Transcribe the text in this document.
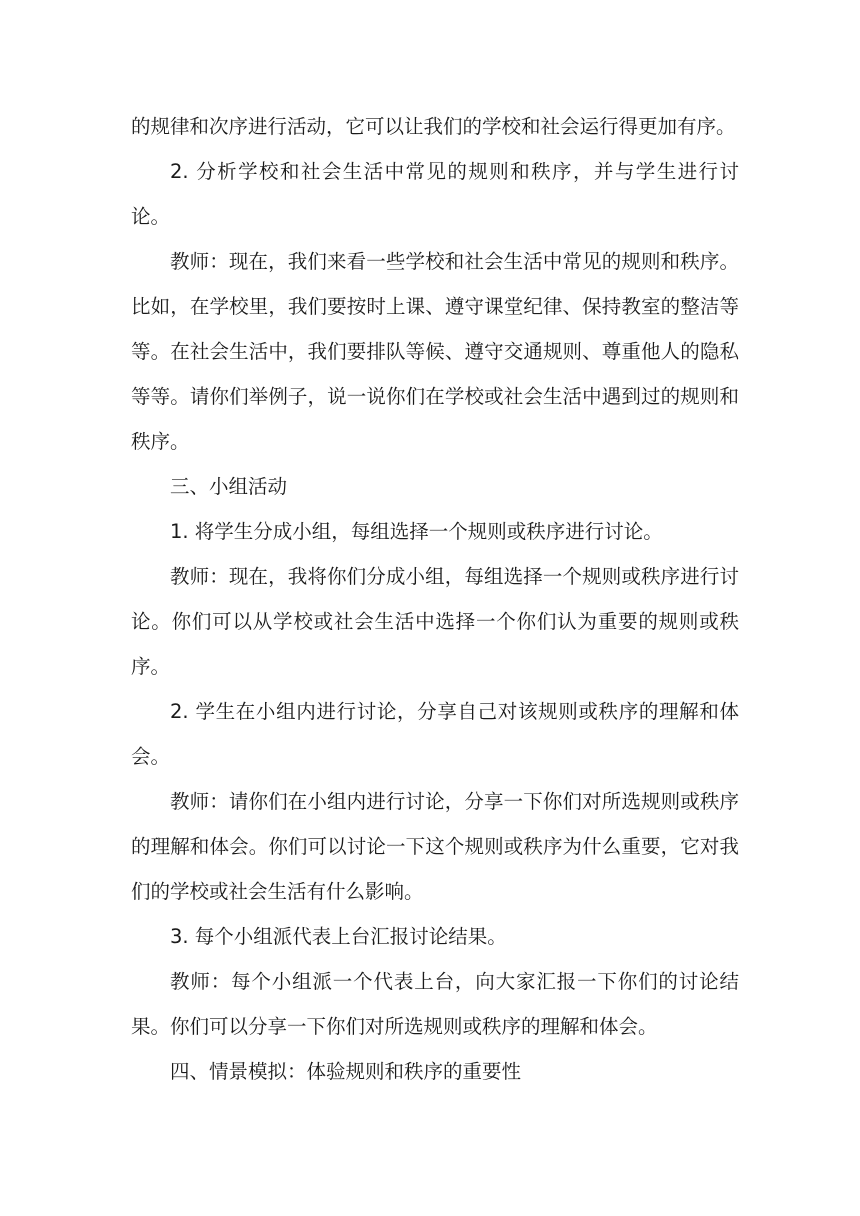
的规律和次序进行活动，它可以让我们的学校和社会运行得更加有序。

2. 分析学校和社会生活中常见的规则和秩序，并与学生进行讨论。

教师：现在，我们来看一些学校和社会生活中常见的规则和秩序。比如，在学校里，我们要按时上课、遵守课堂纪律、保持教室的整洁等等。在社会生活中，我们要排队等候、遵守交通规则、尊重他人的隐私等等。请你们举例子，说一说你们在学校或社会生活中遇到过的规则和秩序。

三、小组活动

1. 将学生分成小组，每组选择一个规则或秩序进行讨论。

教师：现在，我将你们分成小组，每组选择一个规则或秩序进行讨论。你们可以从学校或社会生活中选择一个你们认为重要的规则或秩序。

2. 学生在小组内进行讨论，分享自己对该规则或秩序的理解和体会。

教师：请你们在小组内进行讨论，分享一下你们对所选规则或秩序的理解和体会。你们可以讨论一下这个规则或秩序为什么重要，它对我们的学校或社会生活有什么影响。

3. 每个小组派代表上台汇报讨论结果。

教师：每个小组派一个代表上台，向大家汇报一下你们的讨论结果。你们可以分享一下你们对所选规则或秩序的理解和体会。

四、情景模拟：体验规则和秩序的重要性
